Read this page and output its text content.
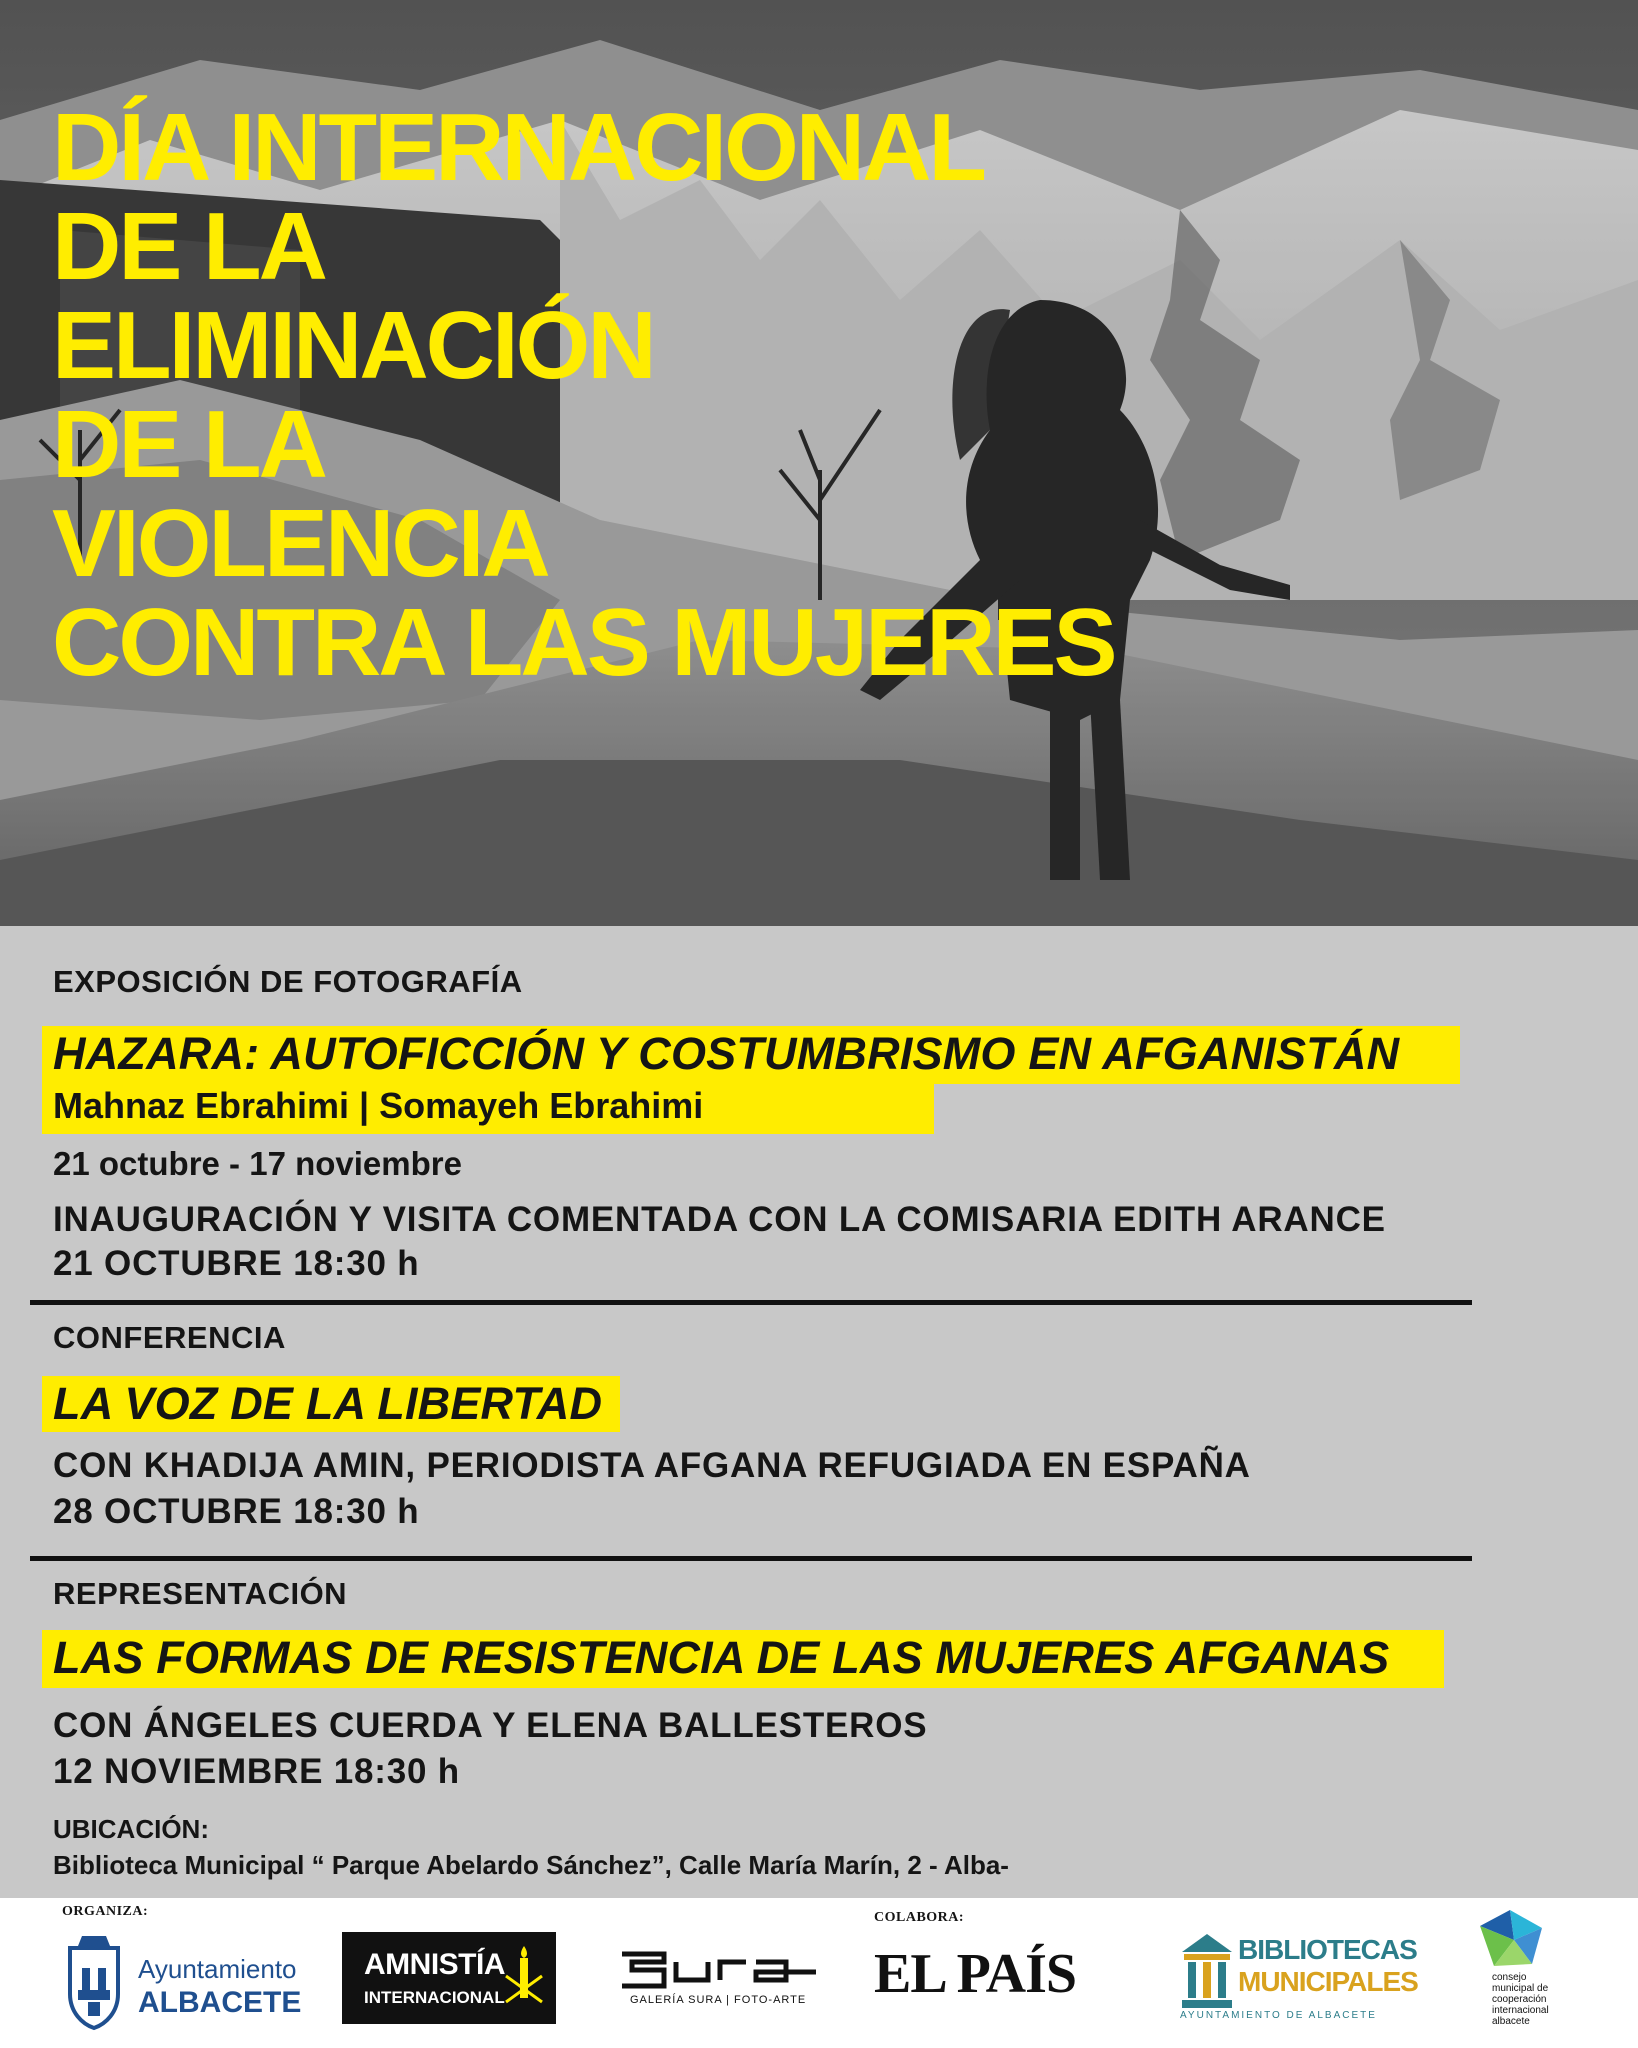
DÍA INTERNACIONAL
DE LA
ELIMINACIÓN
DE LA
VIOLENCIA
CONTRA LAS MUJERES
EXPOSICIÓN DE FOTOGRAFÍA
HAZARA: AUTOFICCIÓN Y COSTUMBRISMO EN AFGANISTÁN
Mahnaz Ebrahimi | Somayeh Ebrahimi
21 octubre - 17 noviembre
INAUGURACIÓN Y VISITA COMENTADA CON LA COMISARIA EDITH ARANCE
21 OCTUBRE 18:30 h
CONFERENCIA
LA VOZ DE LA LIBERTAD
CON KHADIJA AMIN, PERIODISTA AFGANA REFUGIADA EN ESPAÑA
28 OCTUBRE 18:30 h
REPRESENTACIÓN
LAS FORMAS DE RESISTENCIA DE LAS MUJERES AFGANAS
CON ÁNGELES CUERDA Y ELENA BALLESTEROS
12 NOVIEMBRE 18:30 h
UBICACIÓN:
Biblioteca Municipal “ Parque Abelardo Sánchez”, Calle María Marín, 2 - Alba-
ORGANIZA:	COLABORA:
Ayuntamiento
ALBACETE
AMNISTÍA
INTERNACIONAL	GALERÍA SURA | FOTO-ARTE EL PAÍS	BIBLIOTECAS
MUNICIPALES
AYUNTAMIENTO DE ALBACETE
consejo
municipal de
cooperación
internacional
albacete
